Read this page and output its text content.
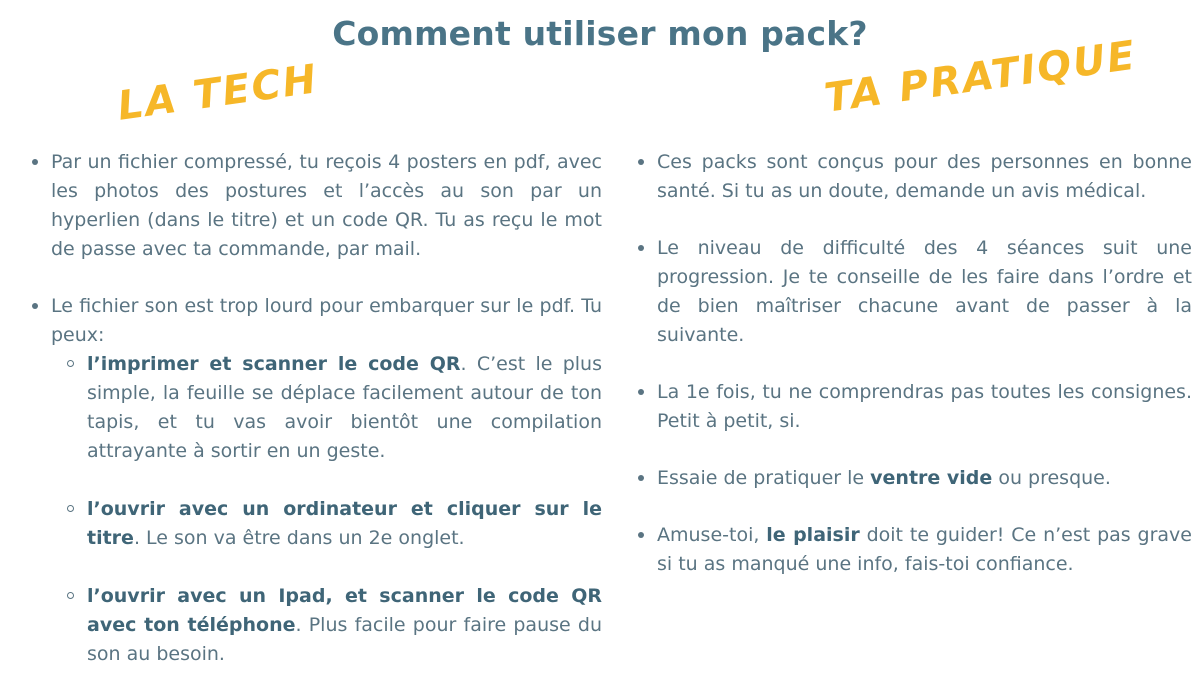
Comment utiliser mon pack?
LA TECH	TA PRATIQUE
Par un fichier compressé, tu reçois 4 posters en pdf, avec les photos des postures et l’accès au son par un hyperlien (dans le titre) et un code QR. Tu as reçu le mot de passe avec ta commande, par mail.
Le fichier son est trop lourd pour embarquer sur le pdf. Tu peux:
l’imprimer et scanner le code QR. C’est le plus simple, la feuille se déplace facilement autour de ton tapis, et tu vas avoir bientôt une compilation attrayante à sortir en un geste.
l’ouvrir avec un ordinateur et cliquer sur le titre. Le son va être dans un 2e onglet.
l’ouvrir avec un Ipad, et scanner le code QR avec ton téléphone. Plus facile pour faire pause du son au besoin.
Ces packs sont conçus pour des personnes en bonne santé. Si tu as un doute, demande un avis médical.
Le niveau de difficulté des 4 séances suit une progression. Je te conseille de les faire dans l’ordre et de bien maîtriser chacune avant de passer à la suivante.
La 1e fois, tu ne comprendras pas toutes les consignes. Petit à petit, si.
Essaie de pratiquer le ventre vide ou presque.
Amuse-toi, le plaisir doit te guider! Ce n’est pas grave si tu as manqué une info, fais-toi confiance.
